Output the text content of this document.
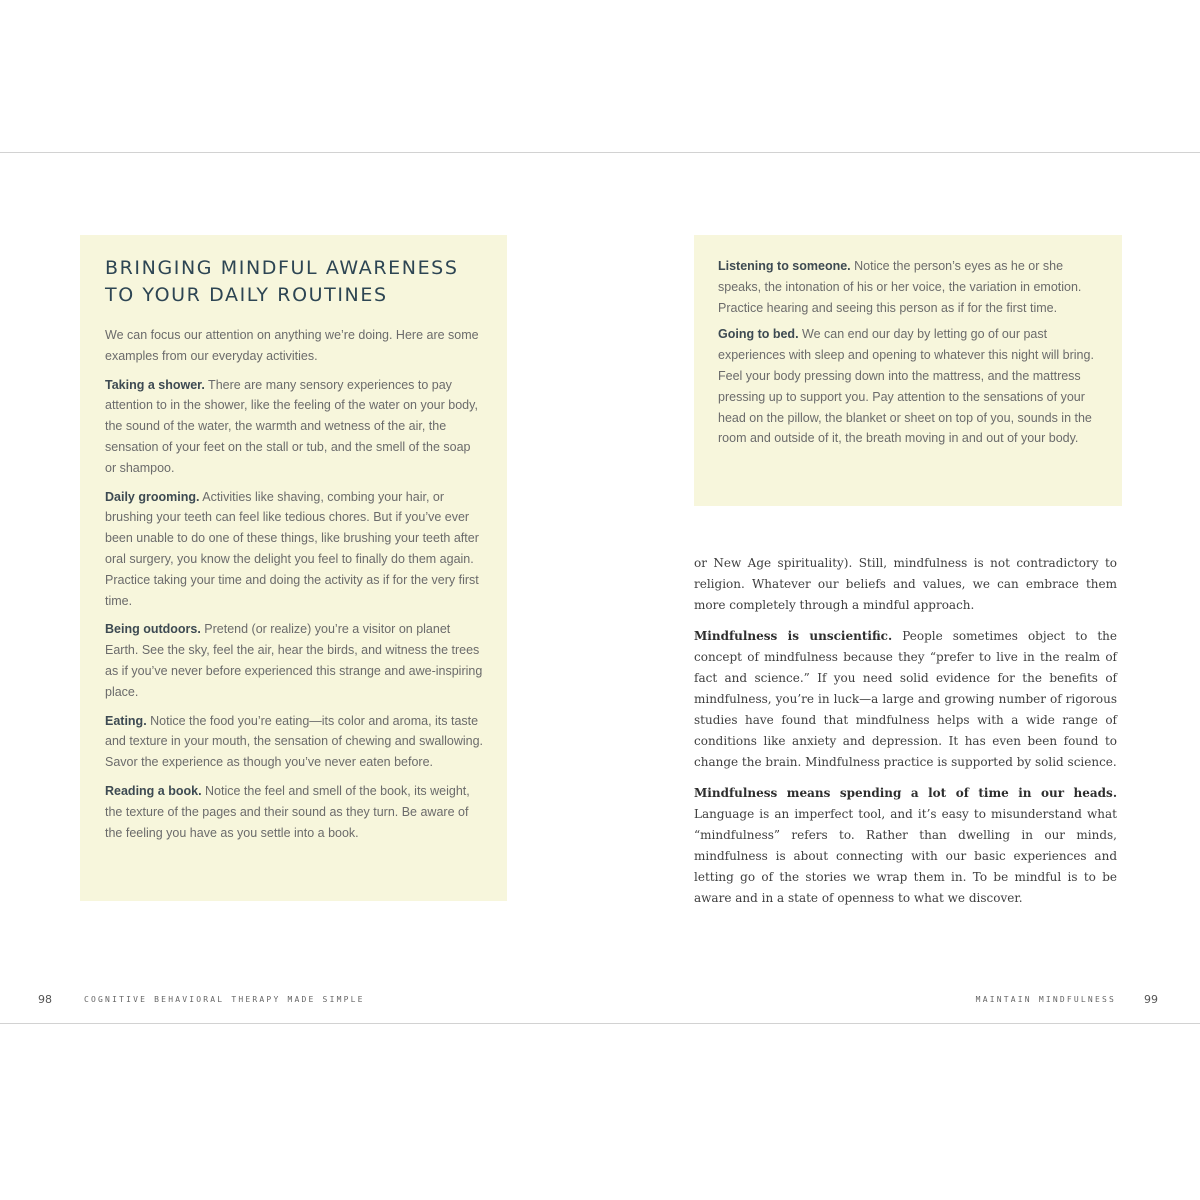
BRINGING MINDFUL AWARENESS
TO YOUR DAILY ROUTINES

We can focus our attention on anything we’re doing. Here are some examples from our everyday activities.

Taking a shower. There are many sensory experiences to pay attention to in the shower, like the feeling of the water on your body, the sound of the water, the warmth and wetness of the air, the sensation of your feet on the stall or tub, and the smell of the soap or shampoo.

Daily grooming. Activities like shaving, combing your hair, or brushing your teeth can feel like tedious chores. But if you’ve ever been unable to do one of these things, like brushing your teeth after oral surgery, you know the delight you feel to finally do them again. Practice taking your time and doing the activity as if for the very first time.

Being outdoors. Pretend (or realize) you’re a visitor on planet Earth. See the sky, feel the air, hear the birds, and witness the trees as if you’ve never before experienced this strange and awe-inspiring place.

Eating. Notice the food you’re eating—its color and aroma, its taste and texture in your mouth, the sensation of chewing and swallowing. Savor the experience as though you’ve never eaten before.

Reading a book. Notice the feel and smell of the book, its weight, the texture of the pages and their sound as they turn. Be aware of the feeling you have as you settle into a book.

Listening to someone. Notice the person’s eyes as he or she speaks, the intonation of his or her voice, the variation in emotion. Practice hearing and seeing this person as if for the first time.

Going to bed. We can end our day by letting go of our past experiences with sleep and opening to whatever this night will bring. Feel your body pressing down into the mattress, and the mattress pressing up to support you. Pay attention to the sensations of your head on the pillow, the blanket or sheet on top of you, sounds in the room and outside of it, the breath moving in and out of your body.

or New Age spirituality). Still, mindfulness is not contradictory to religion. Whatever our beliefs and values, we can embrace them more completely through a mindful approach.

Mindfulness is unscientific. People sometimes object to the concept of mindfulness because they “prefer to live in the realm of fact and science.” If you need solid evidence for the benefits of mindfulness, you’re in luck—a large and growing number of rigorous studies have found that mindfulness helps with a wide range of conditions like anxiety and depression. It has even been found to change the brain. Mindfulness practice is supported by solid science.

Mindfulness means spending a lot of time in our heads. Language is an imperfect tool, and it’s easy to misunderstand what “mindfulness” refers to. Rather than dwelling in our minds, mindfulness is about connecting with our basic experiences and letting go of the stories we wrap them in. To be mindful is to be aware and in a state of openness to what we discover.

98	COGNITIVE BEHAVIORAL THERAPY MADE SIMPLE	MAINTAIN MINDFULNESS	99
